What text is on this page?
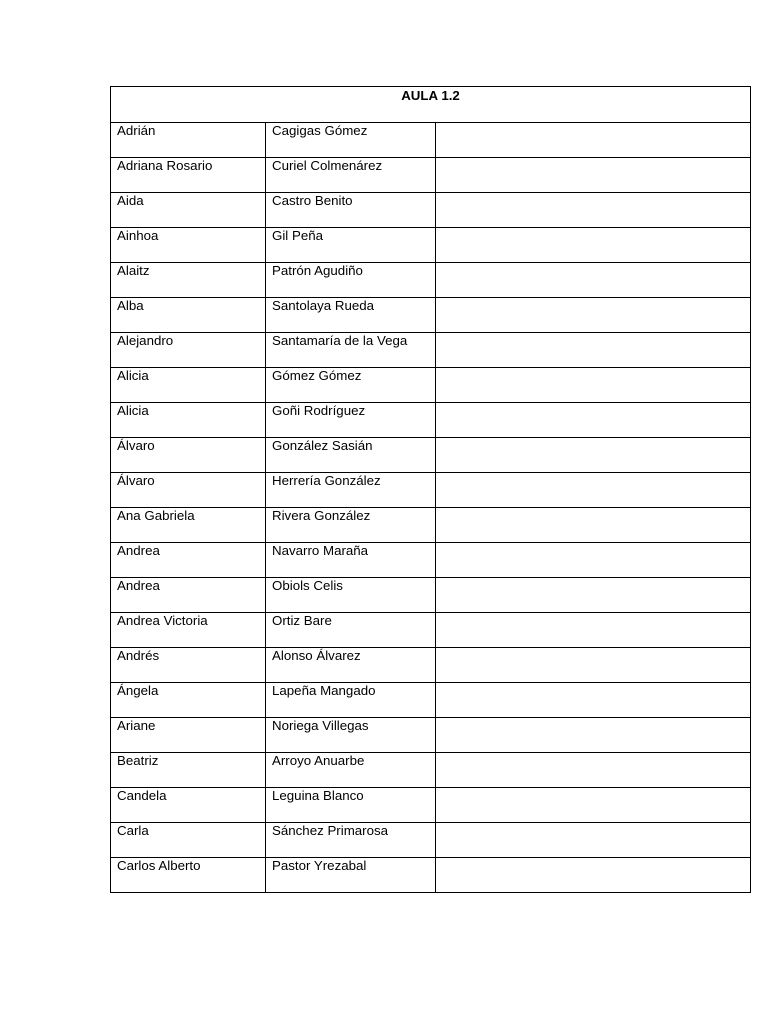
AULA 1.2		

Adrián	Cagigas Gómez	

Adriana Rosario	Curiel Colmenárez	

Aida	Castro Benito	

Ainhoa	Gil Peña	

Alaitz	Patrón Agudiño	

Alba	Santolaya Rueda	

Alejandro	Santamaría de la Vega	

Alicia	Gómez Gómez	

Alicia	Goñi Rodríguez	

Álvaro	González Sasián	

Álvaro	Herrería González	

Ana Gabriela	Rivera González	

Andrea	Navarro Maraña	

Andrea	Obiols Celis	

Andrea Victoria	Ortiz Bare	

Andrés	Alonso Álvarez	

Ángela	Lapeña Mangado	

Ariane	Noriega Villegas	

Beatriz	Arroyo Anuarbe	

Candela	Leguina Blanco	

Carla	Sánchez Primarosa	

Carlos Alberto	Pastor Yrezabal	
